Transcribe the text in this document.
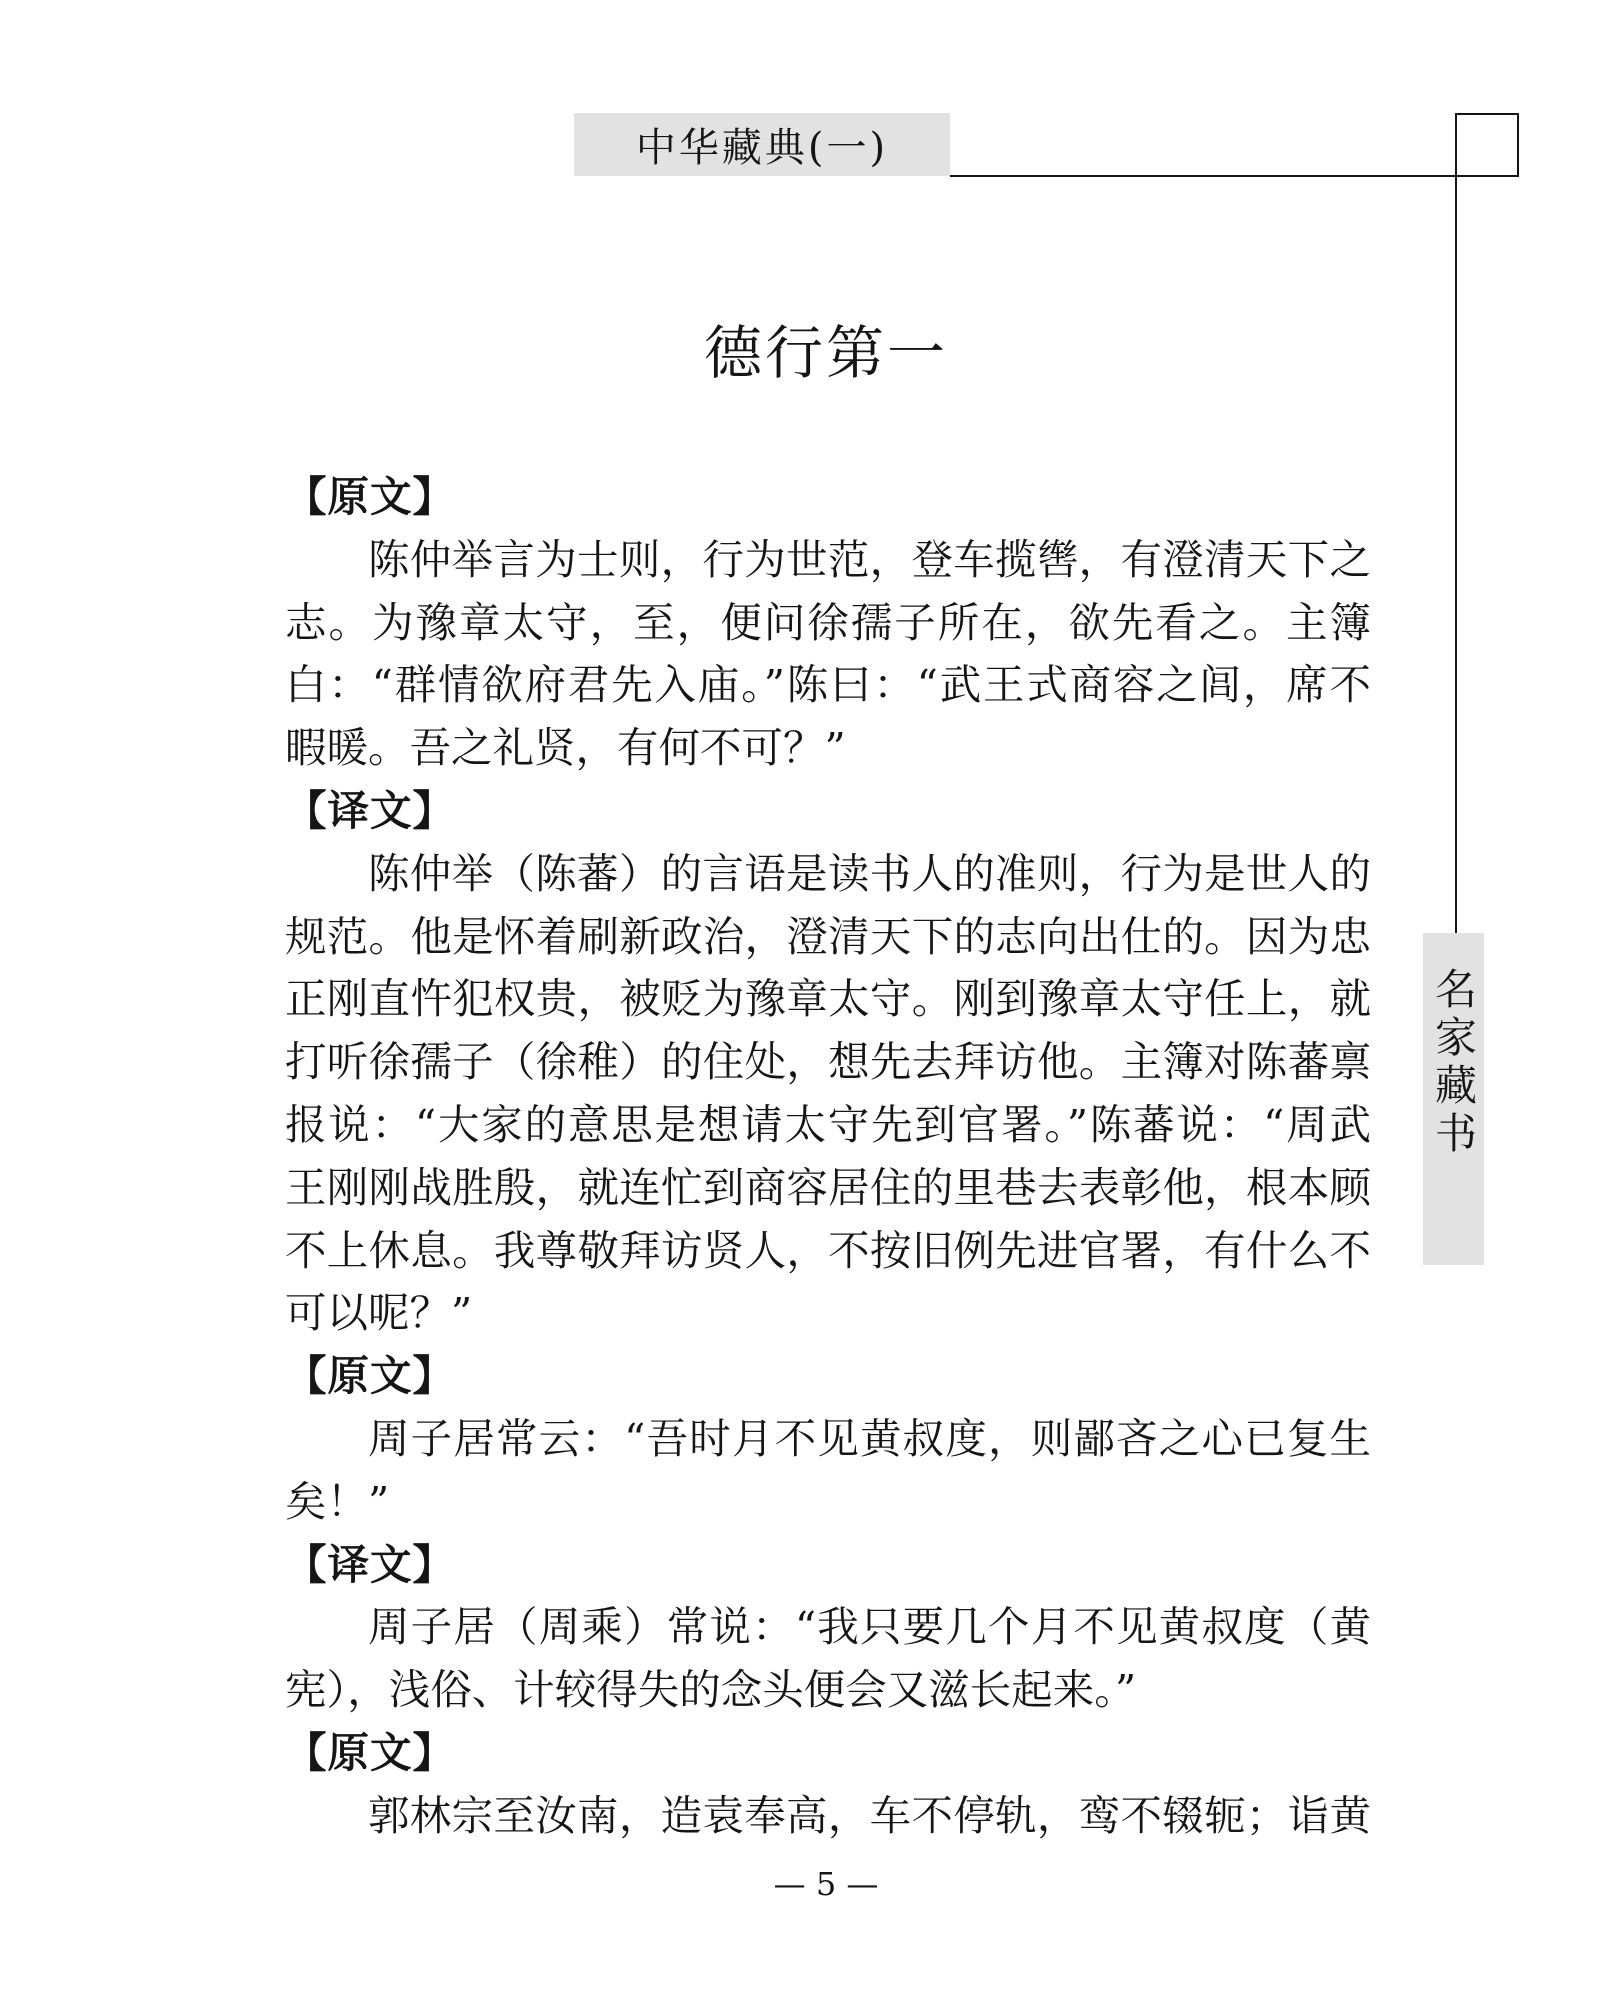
中华藏典(一)
名家藏书
德行第一
【原文】
陈仲举言为士则，行为世范，登车揽辔，有澄清天下之
志。为豫章太守，至，便问徐孺子所在，欲先看之。主簿
白：“群情欲府君先入庙。”陈曰：“武王式商容之闾，席不
暇暖。吾之礼贤，有何不可？”
【译文】
陈仲举（陈蕃）的言语是读书人的准则，行为是世人的
规范。他是怀着刷新政治，澄清天下的志向出仕的。因为忠
正刚直忤犯权贵，被贬为豫章太守。刚到豫章太守任上，就
打听徐孺子（徐稚）的住处，想先去拜访他。主簿对陈蕃禀
报说：“大家的意思是想请太守先到官署。”陈蕃说：“周武
王刚刚战胜殷，就连忙到商容居住的里巷去表彰他，根本顾
不上休息。我尊敬拜访贤人，不按旧例先进官署，有什么不
可以呢？”
【原文】
周子居常云：“吾时月不见黄叔度，则鄙吝之心已复生
矣！”
【译文】
周子居（周乘）常说：“我只要几个月不见黄叔度（黄
宪），浅俗、计较得失的念头便会又滋长起来。”
【原文】
郭林宗至汝南，造袁奉高，车不停轨，鸾不辍轭；诣黄
— 5 —
